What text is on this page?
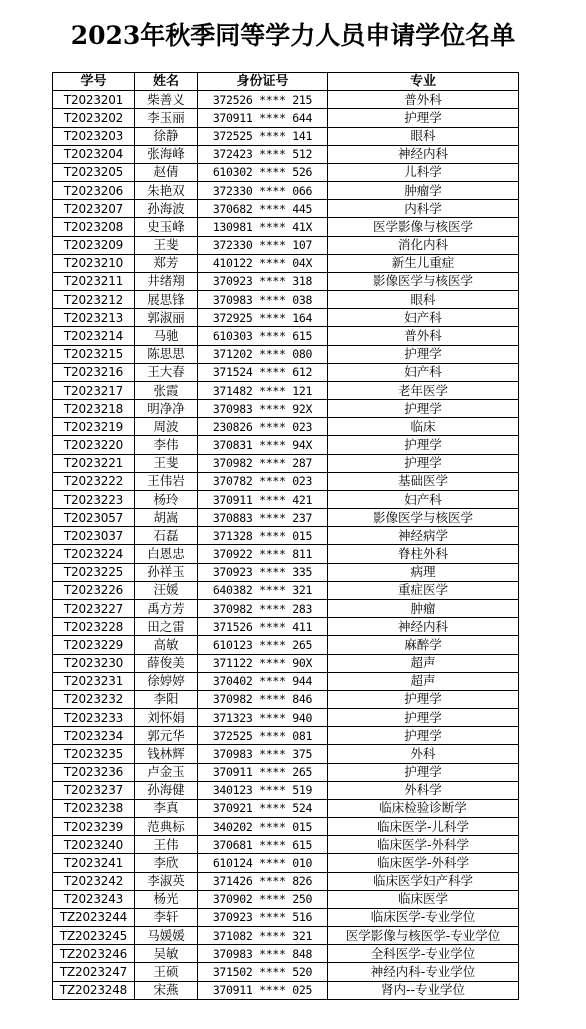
2023年秋季同等学力人员申请学位名单
学号	姓名	身份证号	专业
T2023201	柴善义	372526 **** 215	普外科
T2023202	李玉丽	370911 **** 644	护理学
T2023203	徐静	372525 **** 141	眼科
T2023204	张海峰	372423 **** 512	神经内科
T2023205	赵倩	610302 **** 526	儿科学
T2023206	朱艳双	372330 **** 066	肿瘤学
T2023207	孙海波	370682 **** 445	内科学
T2023208	史玉峰	130981 **** 41X	医学影像与核医学
T2023209	王斐	372330 **** 107	消化内科
T2023210	郑芳	410122 **** 04X	新生儿重症
T2023211	井绪翔	370923 **** 318	影像医学与核医学
T2023212	展思锋	370983 **** 038	眼科
T2023213	郭淑丽	372925 **** 164	妇产科
T2023214	马驰	610303 **** 615	普外科
T2023215	陈思思	371202 **** 080	护理学
T2023216	王大春	371524 **** 612	妇产科
T2023217	张霞	371482 **** 121	老年医学
T2023218	明净净	370983 **** 92X	护理学
T2023219	周波	230826 **** 023	临床
T2023220	李伟	370831 **** 94X	护理学
T2023221	王斐	370982 **** 287	护理学
T2023222	王伟岩	370782 **** 023	基础医学
T2023223	杨玲	370911 **** 421	妇产科
T2023057	胡嵩	370883 **** 237	影像医学与核医学
T2023037	石磊	371328 **** 015	神经病学
T2023224	白恩忠	370922 **** 811	脊柱外科
T2023225	孙祥玉	370923 **** 335	病理
T2023226	汪媛	640382 **** 321	重症医学
T2023227	禹方芳	370982 **** 283	肿瘤
T2023228	田之雷	371526 **** 411	神经内科
T2023229	高敏	610123 **** 265	麻醉学
T2023230	薛俊美	371122 **** 90X	超声
T2023231	徐婷婷	370402 **** 944	超声
T2023232	李阳	370982 **** 846	护理学
T2023233	刘怀娟	371323 **** 940	护理学
T2023234	郭元华	372525 **** 081	护理学
T2023235	钱林辉	370983 **** 375	外科
T2023236	卢金玉	370911 **** 265	护理学
T2023237	孙海健	340123 **** 519	外科学
T2023238	李真	370921 **** 524	临床检验诊断学
T2023239	范典标	340202 **** 015	临床医学-儿科学
T2023240	王伟	370681 **** 615	临床医学-外科学
T2023241	李欣	610124 **** 010	临床医学-外科学
T2023242	李淑英	371426 **** 826	临床医学妇产科学
T2023243	杨光	370902 **** 250	临床医学
TZ2023244	李轩	370923 **** 516	临床医学-专业学位
TZ2023245	马媛媛	371082 **** 321	医学影像与核医学-专业学位
TZ2023246	吴敏	370983 **** 848	全科医学-专业学位
TZ2023247	王硕	371502 **** 520	神经内科-专业学位
TZ2023248	宋燕	370911 **** 025	肾内--专业学位
